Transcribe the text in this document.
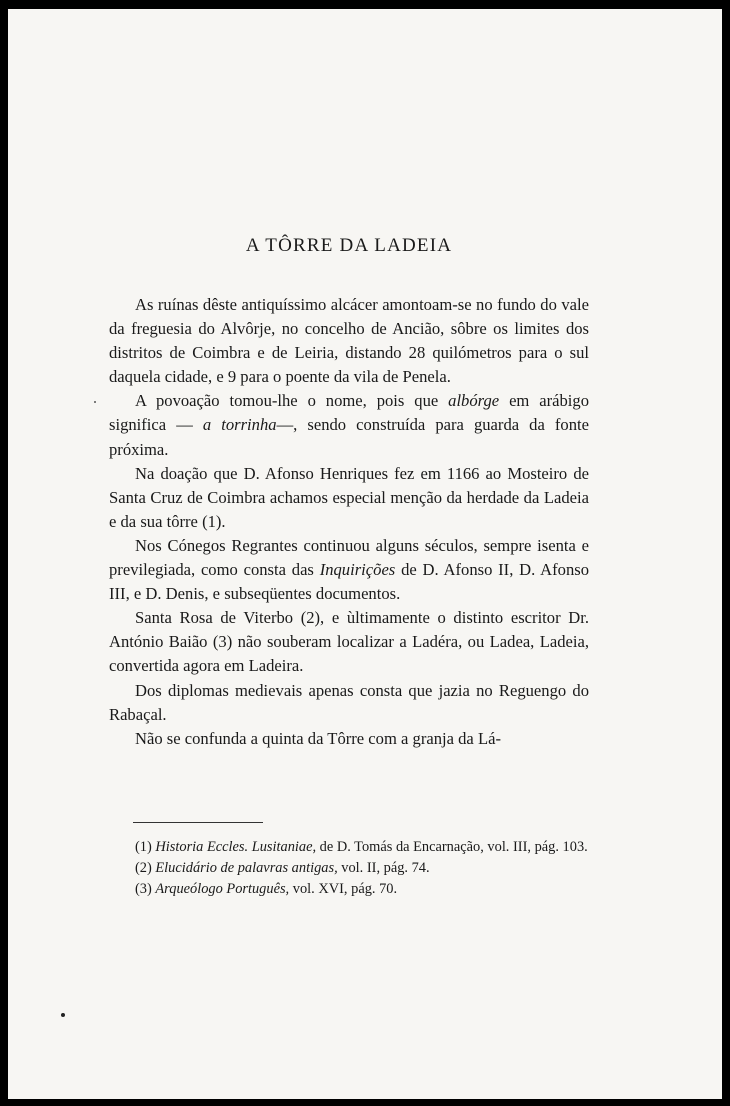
A TÔRRE DA LADEIA

As ruínas dêste antiquíssimo alcácer amontoam-se no fundo do vale da freguesia do Alvôrje, no concelho de Ancião, sôbre os limites dos distritos de Coimbra e de Leiria, distando 28 quilómetros para o sul daquela cidade, e 9 para o poente da vila de Penela.

A povoação tomou-lhe o nome, pois que albórge em arábigo significa — a torrinha—, sendo construída para guarda da fonte próxima.

Na doação que D. Afonso Henriques fez em 1166 ao Mosteiro de Santa Cruz de Coimbra achamos especial menção da herdade da Ladeia e da sua tôrre (1).

Nos Cónegos Regrantes continuou alguns séculos, sempre isenta e previlegiada, como consta das Inquirições de D. Afonso II, D. Afonso III, e D. Denis, e subseqüentes documentos.

Santa Rosa de Viterbo (2), e ùltimamente o distinto escritor Dr. António Baião (3) não souberam localizar a Ladéra, ou Ladea, Ladeia, convertida agora em Ladeira.

Dos diplomas medievais apenas consta que jazia no Reguengo do Rabaçal.

Não se confunda a quinta da Tôrre com a granja da Lá-

(1) Historia Eccles. Lusitaniae, de D. Tomás da Encarnação, vol. III, pág. 103.

(2) Elucidário de palavras antigas, vol. II, pág. 74.

(3) Arqueólogo Português, vol. XVI, pág. 70.
